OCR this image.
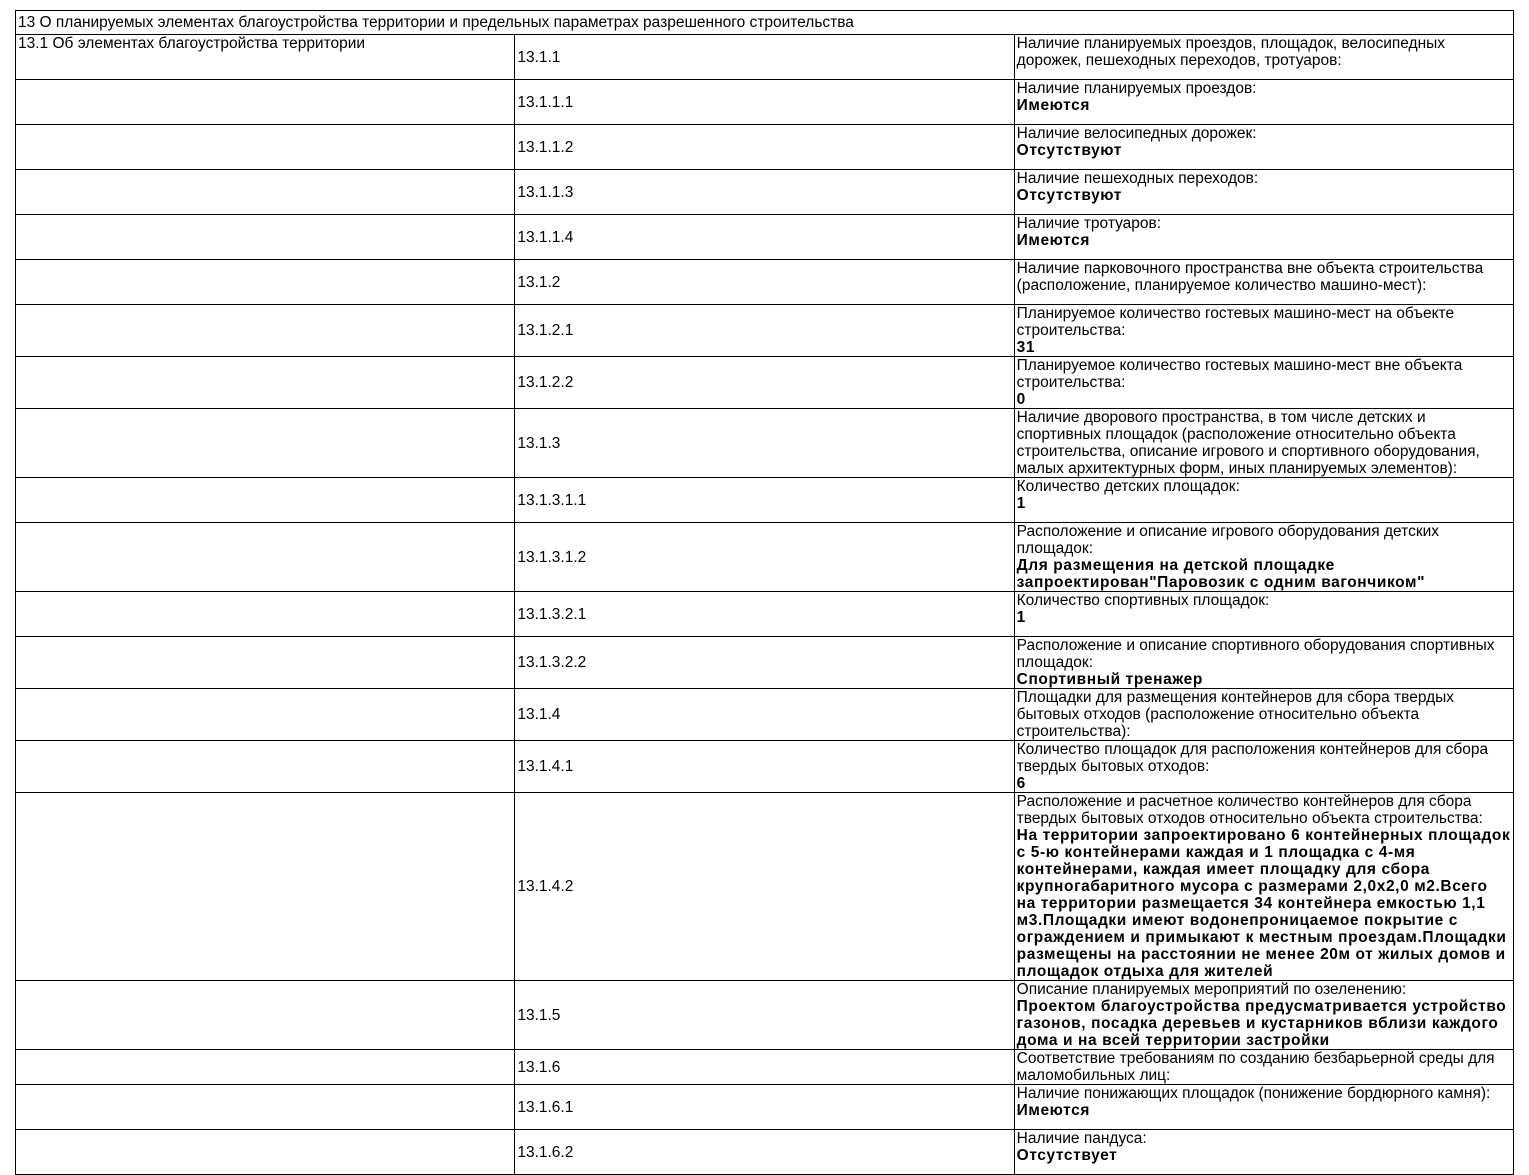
13 О планируемых элементах благоустройства территории и предельных параметрах разрешенного строительства		
13.1 Об элементах благоустройства территории	13.1.1	Наличие планируемых проездов, площадок, велосипедных дорожек, пешеходных переходов, тротуаров:

	13.1.1.1	Наличие планируемых проездов:
Имеются

	13.1.1.2	Наличие велосипедных дорожек:
Отсутствуют

	13.1.1.3	Наличие пешеходных переходов:
Отсутствуют

	13.1.1.4	Наличие тротуаров:
Имеются

	13.1.2	Наличие парковочного пространства вне объекта строительства (расположение, планируемое количество машино-мест):

	13.1.2.1	Планируемое количество гостевых машино-мест на объекте строительства:
31

	13.1.2.2	Планируемое количество гостевых машино-мест вне объекта строительства:
0

	13.1.3	Наличие дворового пространства, в том числе детских и спортивных площадок (расположение относительно объекта строительства, описание игрового и спортивного оборудования, малых архитектурных форм, иных планируемых элементов):

	13.1.3.1.1	Количество детских площадок:
1

	13.1.3.1.2	Расположение и описание игрового оборудования детских площадок:
Для размещения на детской площадке запроектирован"Паровозик с одним вагончиком"

	13.1.3.2.1	Количество спортивных площадок:
1

	13.1.3.2.2	Расположение и описание спортивного оборудования спортивных площадок:
Спортивный тренажер

	13.1.4	Площадки для размещения контейнеров для сбора твердых бытовых отходов (расположение относительно объекта строительства):

	13.1.4.1	Количество площадок для расположения контейнеров для сбора твердых бытовых отходов:
6

	13.1.4.2	Расположение и расчетное количество контейнеров для сбора твердых бытовых отходов относительно объекта строительства:
На территории запроектировано 6 контейнерных площадок с 5-ю контейнерами каждая и 1 площадка с 4-мя контейнерами, каждая имеет площадку для сбора крупногабаритного мусора с размерами 2,0х2,0 м2.Всего на территории размещается 34 контейнера емкостью 1,1 м3.Площадки имеют водонепроницаемое покрытие с ограждением и примыкают к местным проездам.Площадки размещены на расстоянии не менее 20м от жилых домов и площадок отдыха для жителей

	13.1.5	Описание планируемых мероприятий по озеленению:
Проектом благоустройства предусматривается устройство газонов, посадка деревьев и кустарников вблизи каждого дома и на всей территории застройки

	13.1.6	Соответствие требованиям по созданию безбарьерной среды для маломобильных лиц:

	13.1.6.1	Наличие понижающих площадок (понижение бордюрного камня):
Имеются

	13.1.6.2	Наличие пандуса:
Отсутствует
